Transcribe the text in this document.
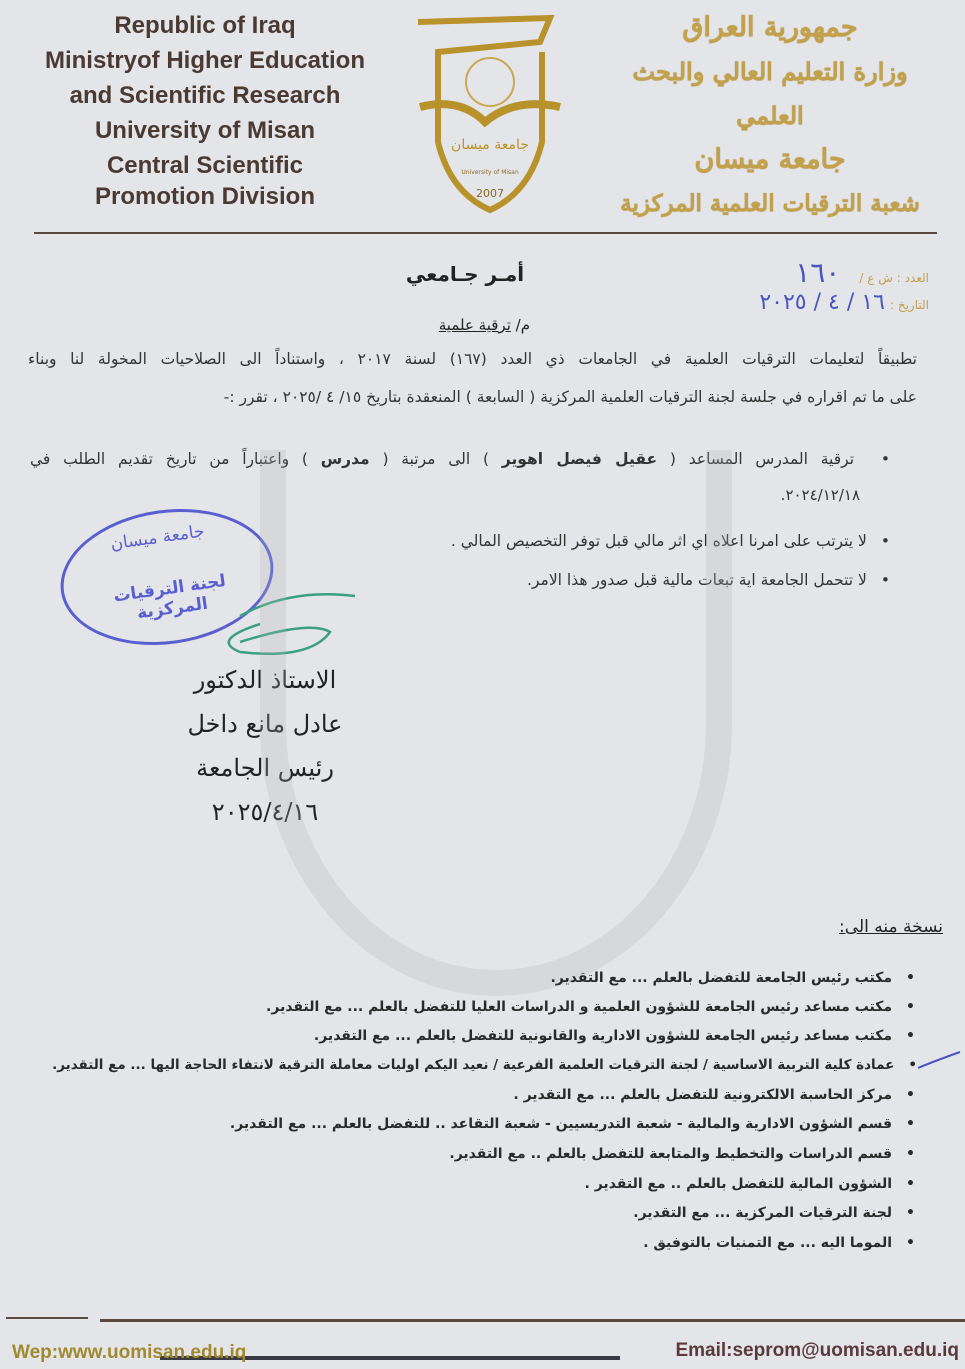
Republic of Iraq
Ministryof Higher Education
and Scientific Research
University of Misan
Central Scientific
Promotion Division
جامعة ميسان
University of Misan
2007
جمهورية العراق
وزارة التعليم العالي والبحث العلمي
جامعة ميسان
شعبة الترقيات العلمية المركزية
العدد : ش ع / ١٦٠
التاريخ : ١٦ / ٤ / ٢٠٢٥
أمـر جـامعي
م/ ترقية علمية
تطبيقاً لتعليمات الترقيات العلمية في الجامعات ذي العدد (١٦٧) لسنة ٢٠١٧ ، واستناداً الى الصلاحيات المخولة لنا وبناء
على ما تم اقراره في جلسة لجنة الترقيات العلمية المركزية ( السابعة ) المنعقدة بتاريخ ١٥/ ٤ /٢٠٢٥ ، تقرر :-
• ترقية المدرس المساعد ( عقيل فيصل اهوير ) الى مرتبة ( مدرس ) واعتباراً من تاريخ تقديم الطلب في
٢٠٢٤/١٢/١٨.
• لا يترتب على امرنا اعلاه اي اثر مالي قبل توفر التخصيص المالي .
• لا تتحمل الجامعة اية تبعات مالية قبل صدور هذا الامر.
جامعة ميسان
لجنة الترقيات المركزية
الاستاذ الدكتور
عادل مانع داخل
رئيس الجامعة
٢٠٢٥/٤/١٦
نسخة منه الى:
• مكتب رئيس الجامعة للتفضل بالعلم ... مع التقدير.
• مكتب مساعد رئيس الجامعة للشؤون العلمية و الدراسات العليا للتفضل بالعلم ... مع التقدير.
• مكتب مساعد رئيس الجامعة للشؤون الادارية والقانونية للتفضل بالعلم ... مع التقدير.
• عمادة كلية التربية الاساسية / لجنة الترقيات العلمية الفرعية / نعيد اليكم اوليات معاملة الترقية لانتفاء الحاجة اليها ... مع التقدير.
• مركز الحاسبة الالكترونية للتفضل بالعلم ... مع التقدير .
• قسم الشؤون الادارية والمالية - شعبة التدريسيين - شعبة التقاعد .. للتفضل بالعلم ... مع التقدير.
• قسم الدراسات والتخطيط والمتابعة للتفضل بالعلم .. مع التقدير.
• الشؤون المالية للتفضل بالعلم .. مع التقدير .
• لجنة الترقيات المركزية ... مع التقدير.
• الموما اليه ... مع التمنيات بالتوفيق .
Wep:www.uomisan.edu.iq	Email:seprom@uomisan.edu.iq
